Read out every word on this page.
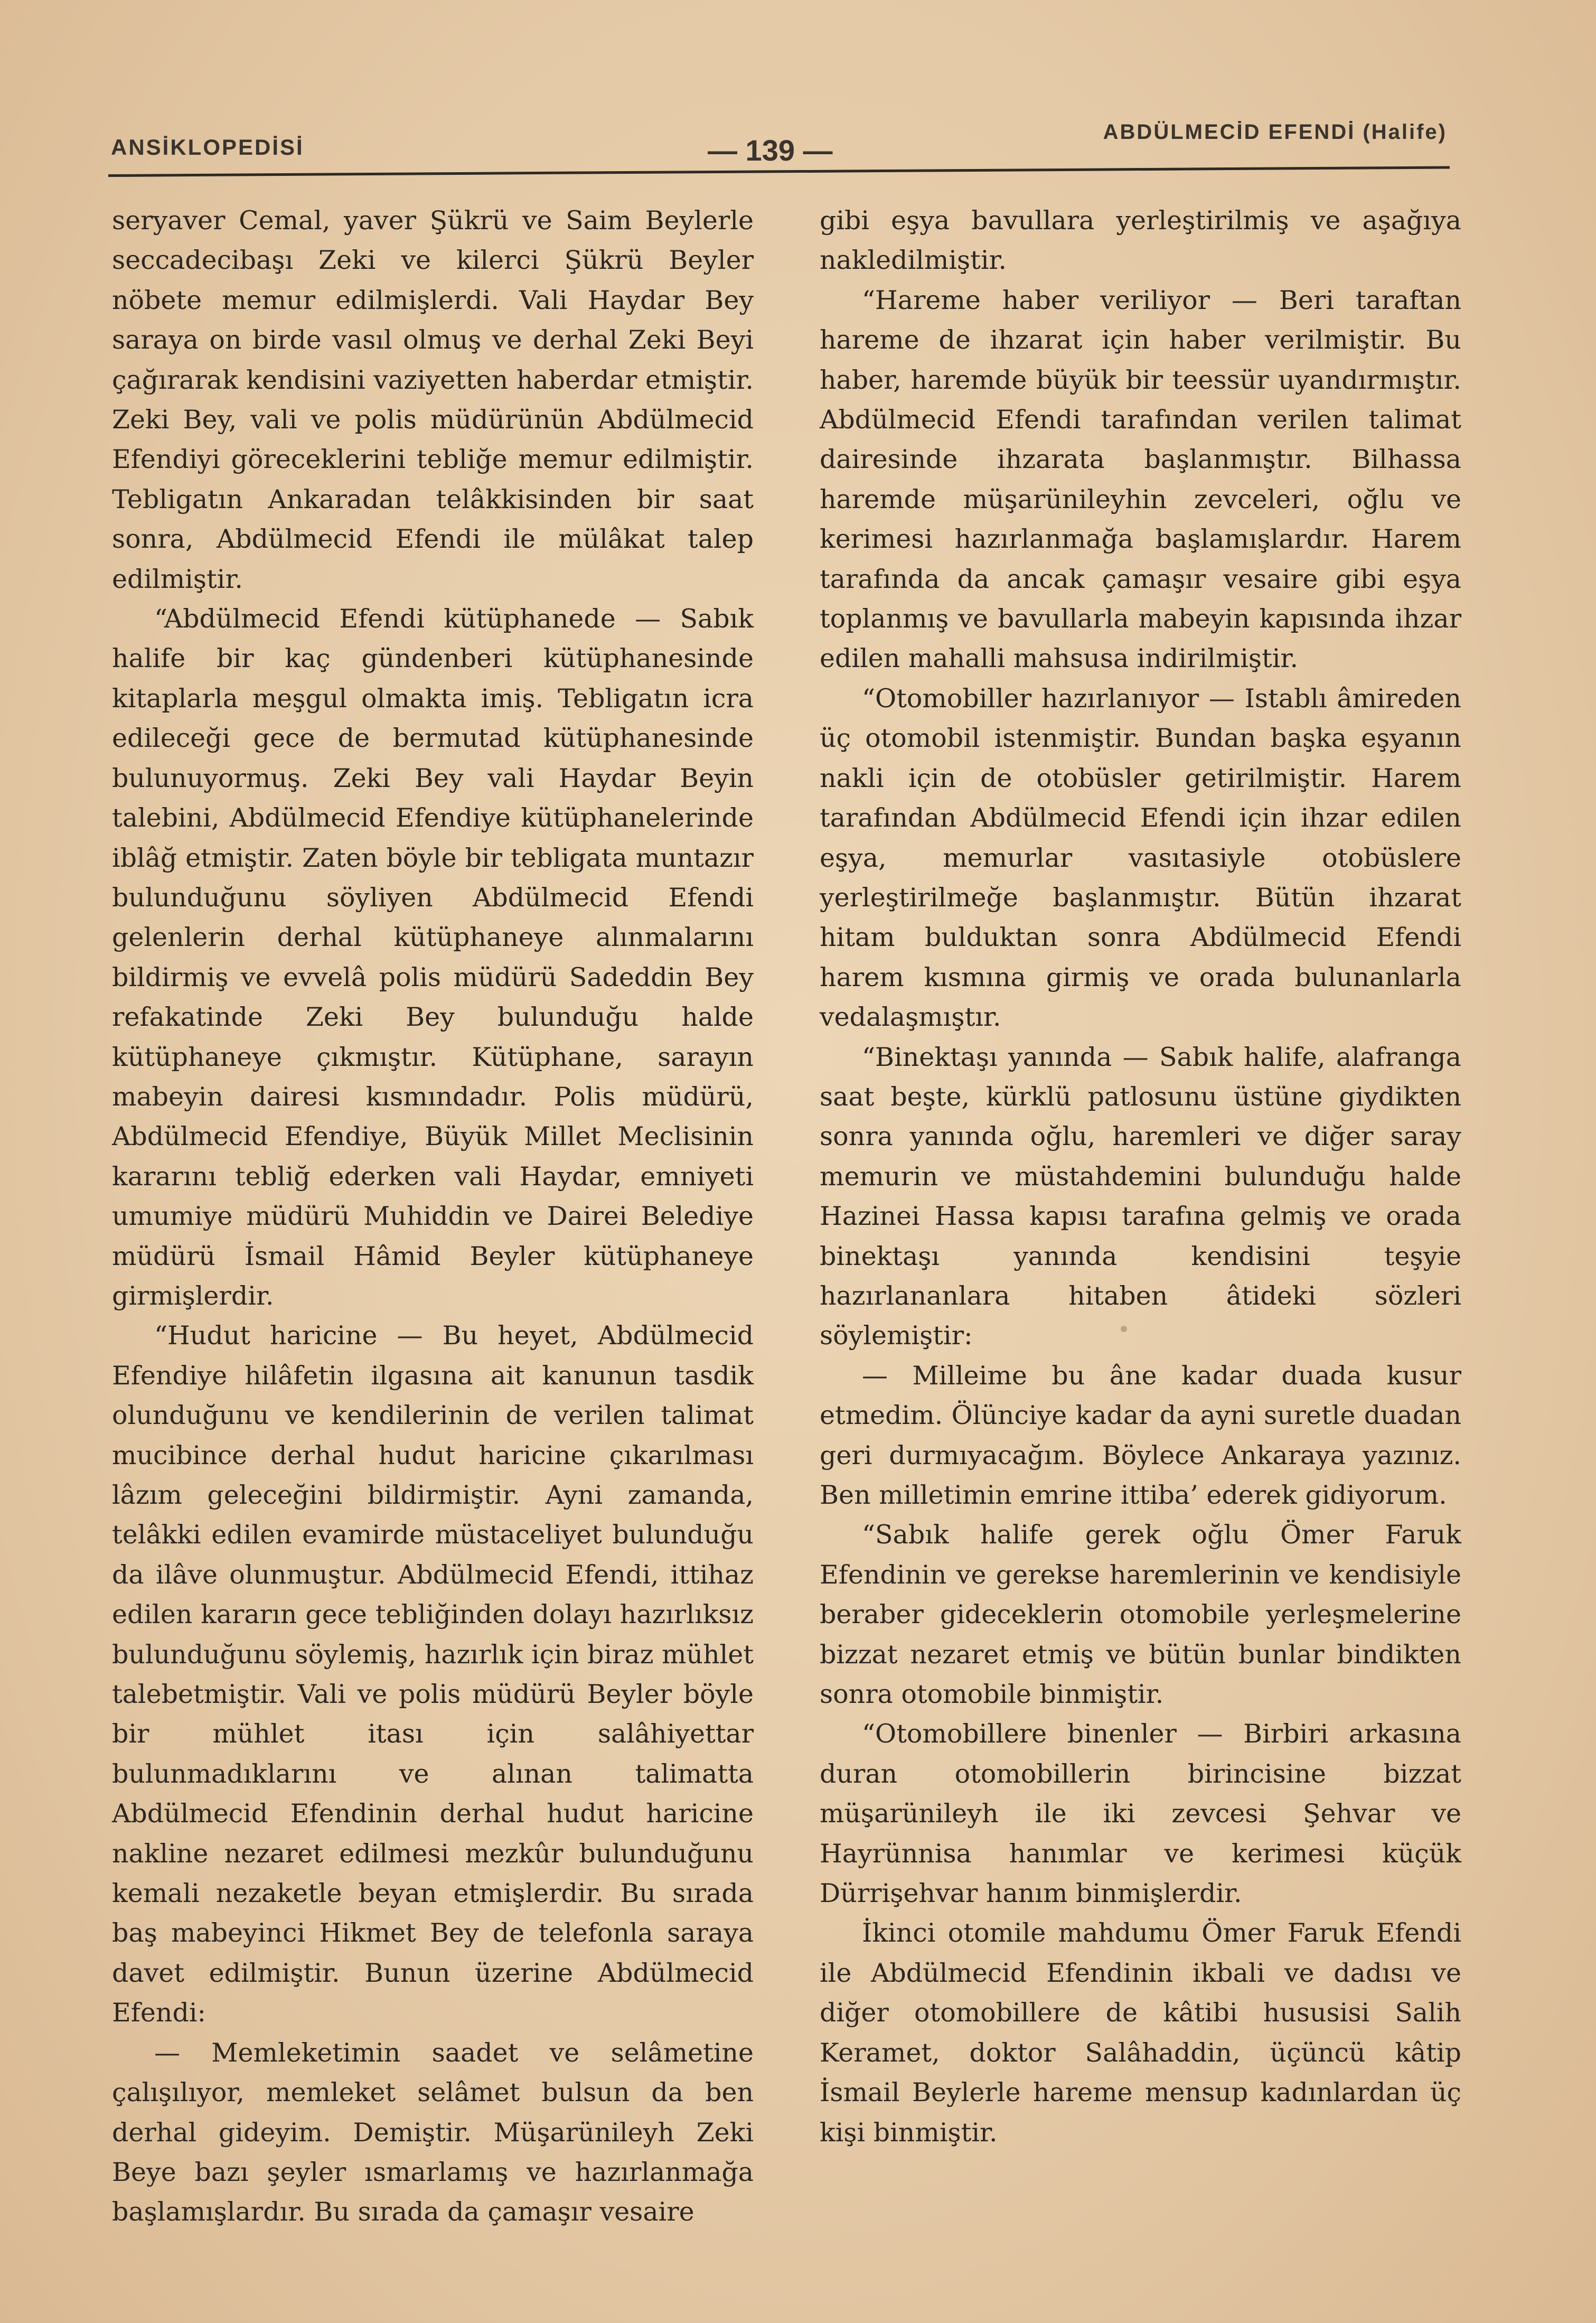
ANSİKLOPEDİSİ	— 139 —
ABDÜLMECİD EFENDİ (Halife)

seryaver Cemal, yaver Şükrü ve Saim Beylerle seccadecibaşı Zeki ve kilerci Şükrü Beyler nöbete memur edilmişlerdi. Vali Haydar Bey saraya on birde vasıl olmuş ve derhal Zeki Beyi çağırarak kendisini vaziyetten haberdar etmiştir. Zeki Bey, vali ve polis müdürünün Abdülmecid Efendiyi göreceklerini tebliğe memur edilmiştir. Tebligatın Ankaradan telâkkisinden bir saat sonra, Abdülmecid Efendi ile mülâkat talep edilmiştir.

“Abdülmecid Efendi kütüphanede — Sabık halife bir kaç gündenberi kütüphanesinde kitaplarla meşgul olmakta imiş. Tebligatın icra edileceği gece de bermutad kütüphanesinde bulunuyormuş. Zeki Bey vali Haydar Beyin talebini, Abdülmecid Efendiye kütüphanelerinde iblâğ etmiştir. Zaten böyle bir tebligata muntazır bulunduğunu söyliyen Abdülmecid Efendi gelenlerin derhal kütüphaneye alınmalarını bildirmiş ve evvelâ polis müdürü Sadeddin Bey refakatinde Zeki Bey bulunduğu halde kütüphaneye çıkmıştır. Kütüphane, sarayın mabeyin dairesi kısmındadır. Polis müdürü, Abdülmecid Efendiye, Büyük Millet Meclisinin kararını tebliğ ederken vali Haydar, emniyeti umumiye müdürü Muhiddin ve Dairei Belediye müdürü İsmail Hâmid Beyler kütüphaneye girmişlerdir.

“Hudut haricine — Bu heyet, Abdülmecid Efendiye hilâfetin ilgasına ait kanunun tasdik olunduğunu ve kendilerinin de verilen talimat mucibince derhal hudut haricine çıkarılması lâzım geleceğini bildirmiştir. Ayni zamanda, telâkki edilen evamirde müstaceliyet bulunduğu da ilâve olunmuştur. Abdülmecid Efendi, ittihaz edilen kararın gece tebliğinden dolayı hazırlıksız bulunduğunu söylemiş, hazırlık için biraz mühlet talebetmiştir. Vali ve polis müdürü Beyler böyle bir mühlet itası için salâhiyettar bulunmadıklarını ve alınan talimatta Abdülmecid Efendinin derhal hudut haricine nakline nezaret edilmesi mezkûr bulunduğunu kemali nezaketle beyan etmişlerdir. Bu sırada baş mabeyinci Hikmet Bey de telefonla saraya davet edilmiştir. Bunun üzerine Abdülmecid Efendi:

— Memleketimin saadet ve selâmetine çalışılıyor, memleket selâmet bulsun da ben derhal gideyim. Demiştir. Müşarünileyh Zeki Beye bazı şeyler ısmarlamış ve hazırlanmağa başlamışlardır. Bu sırada da çamaşır vesaire

gibi eşya bavullara yerleştirilmiş ve aşağıya nakledilmiştir.

“Hareme haber veriliyor — Beri taraftan hareme de ihzarat için haber verilmiştir. Bu haber, haremde büyük bir teessür uyandırmıştır. Abdülmecid Efendi tarafından verilen talimat dairesinde ihzarata başlanmıştır. Bilhassa haremde müşarünileyhin zevceleri, oğlu ve kerimesi hazırlanmağa başlamışlardır. Harem tarafında da ancak çamaşır vesaire gibi eşya toplanmış ve bavullarla mabeyin kapısında ihzar edilen mahalli mahsusa indirilmiştir.

“Otomobiller hazırlanıyor — Istablı âmireden üç otomobil istenmiştir. Bundan başka eşyanın nakli için de otobüsler getirilmiştir. Harem tarafından Abdülmecid Efendi için ihzar edilen eşya, memurlar vasıtasiyle otobüslere yerleştirilmeğe başlanmıştır. Bütün ihzarat hitam bulduktan sonra Abdülmecid Efendi harem kısmına girmiş ve orada bulunanlarla vedalaşmıştır.

“Binektaşı yanında — Sabık halife, alafranga saat beşte, kürklü patlosunu üstüne giydikten sonra yanında oğlu, haremleri ve diğer saray memurin ve müstahdemini bulunduğu halde Hazinei Hassa kapısı tarafına gelmiş ve orada binektaşı yanında kendisini teşyie hazırlananlara hitaben âtideki sözleri söylemiştir:

— Milleime bu âne kadar duada kusur etmedim. Ölünciye kadar da ayni suretle duadan geri durmıyacağım. Böylece Ankaraya yazınız. Ben milletimin emrine ittiba’ ederek gidiyorum.

“Sabık halife gerek oğlu Ömer Faruk Efendinin ve gerekse haremlerinin ve kendisiyle beraber gideceklerin otomobile yerleşmelerine bizzat nezaret etmiş ve bütün bunlar bindikten sonra otomobile binmiştir.

“Otomobillere binenler — Birbiri arkasına duran otomobillerin birincisine bizzat müşarünileyh ile iki zevcesi Şehvar ve Hayrünnisa hanımlar ve kerimesi küçük Dürrişehvar hanım binmişlerdir.

İkinci otomile mahdumu Ömer Faruk Efendi ile Abdülmecid Efendinin ikbali ve dadısı ve diğer otomobillere de kâtibi hususisi Salih Keramet, doktor Salâhaddin, üçüncü kâtip İsmail Beylerle hareme mensup kadınlardan üç kişi binmiştir.
